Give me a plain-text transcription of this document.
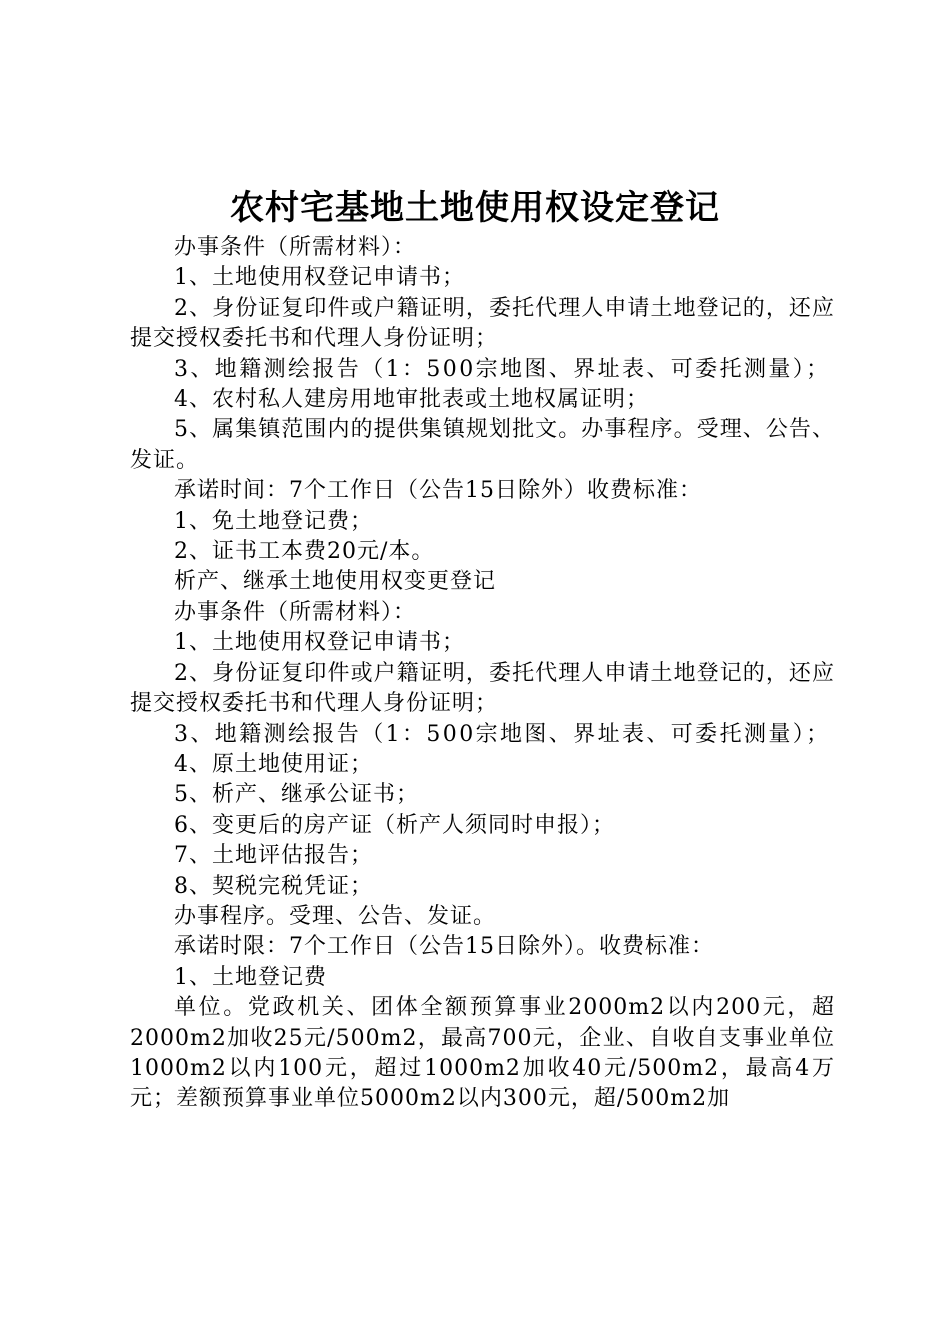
农村宅基地土地使用权设定登记

办事条件（所需材料）：

1、土地使用权登记申请书；

2、身份证复印件或户籍证明，委托代理人申请土地登记的，还应提交授权委托书和代理人身份证明；

3、地籍测绘报告（1：500宗地图、界址表、可委托测量）；

4、农村私人建房用地审批表或土地权属证明；

5、属集镇范围内的提供集镇规划批文。办事程序。受理、公告、发证。

承诺时间：7个工作日（公告15日除外）收费标准：

1、免土地登记费；

2、证书工本费20元/本。

析产、继承土地使用权变更登记

办事条件（所需材料）：

1、土地使用权登记申请书；

2、身份证复印件或户籍证明，委托代理人申请土地登记的，还应提交授权委托书和代理人身份证明；

3、地籍测绘报告（1：500宗地图、界址表、可委托测量）；

4、原土地使用证；

5、析产、继承公证书；

6、变更后的房产证（析产人须同时申报）；

7、土地评估报告；

8、契税完税凭证；

办事程序。受理、公告、发证。

承诺时限：7个工作日（公告15日除外）。收费标准：

1、土地登记费

单位。党政机关、团体全额预算事业2000m2以内200元，超2000m2加收25元/500m2，最高700元，企业、自收自支事业单位1000m2以内100元，超过1000m2加收40元/500m2，最高4万元；差额预算事业单位5000m2以内300元，超/500m2加
